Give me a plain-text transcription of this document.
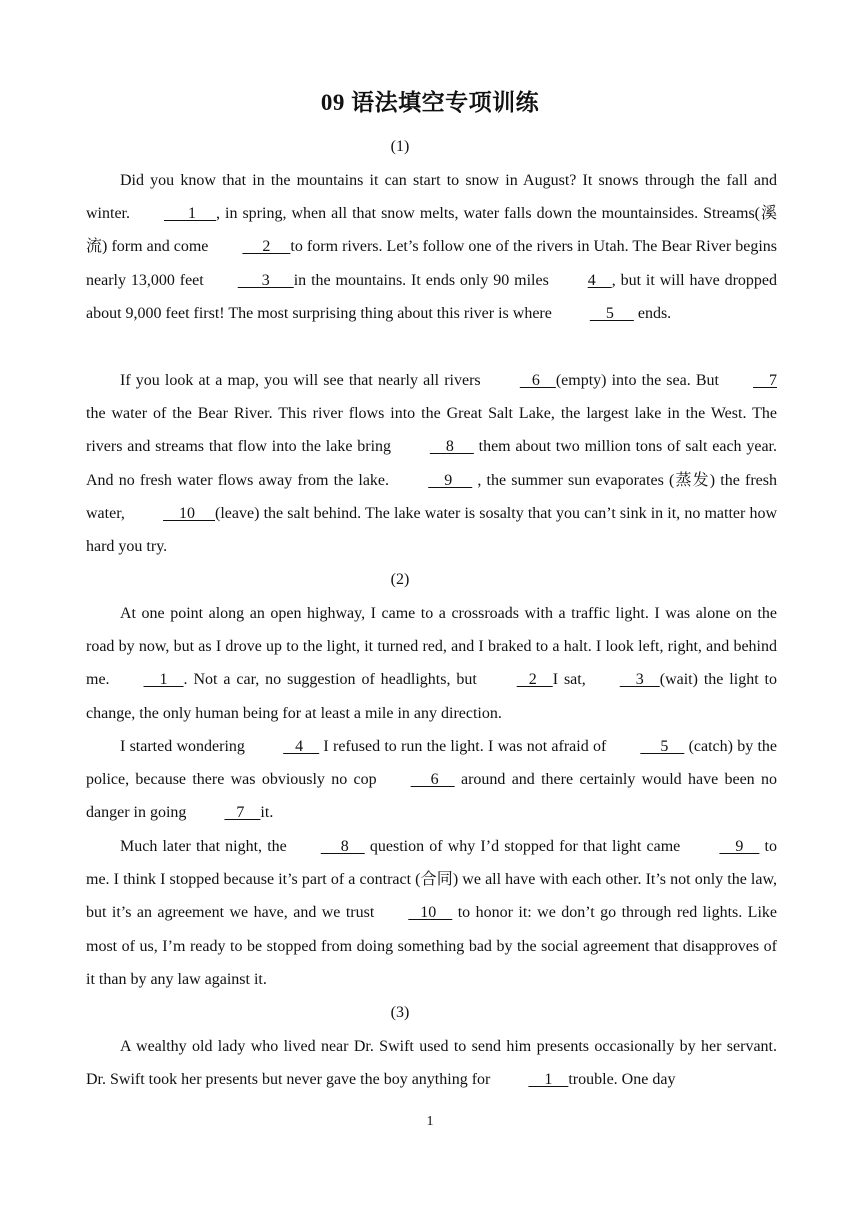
09 语法填空专项训练
(1)

Did you know that in the mountains it can start to snow in August? It snows through the fall and winter.      1     , in spring, when all that snow melts, water falls down the mountainsides. Streams(溪流) form and come     2     to form rivers. Let’s follow one of the rivers in Utah. The Bear River begins nearly 13,000 feet      3      in the mountains. It ends only 90 miles 4    , but it will have dropped about 9,000 feet first! The most surprising thing about this river is where     5      ends.

If you look at a map, you will see that nearly all rivers    6    (empty) into the sea. But    7 the water of the Bear River. This river flows into the Great Salt Lake, the largest lake in the West. The rivers and streams that flow into the lake bring     8      them about two million tons of salt each year. And no fresh water flows away from the lake.     9      , the summer sun evaporates (蒸发) the fresh water,     10     (leave) the salt behind. The lake water is sosalty that you can’t sink in it, no matter how hard you try.

(2)

At one point along an open highway, I came to a crossroads with a traffic light. I was alone on the road by now, but as I drove up to the light, it turned red, and I braked to a halt. I look left, right, and behind me.    1    . Not a car, no suggestion of headlights, but    2    I sat,    3    (wait) the light to change, the only human being for at least a mile in any direction.

I started wondering    4     I refused to run the light. I was not afraid of     5     (catch) by the police, because there was obviously no cop     6     around and there certainly would have been no danger in going    7    it.

Much later that night, the     8     question of why I’d stopped for that light came     9     to me. I think I stopped because it’s part of a contract (合同) we all have with each other. It’s not only the law, but it’s an agreement we have, and we trust   10     to honor it: we don’t go through red lights. Like most of us, I’m ready to be stopped from doing something bad by the social agreement that disapproves of it than by any law against it.

(3)

A wealthy old lady who lived near Dr. Swift used to send him presents occasionally by her servant. Dr. Swift took her presents but never gave the boy anything for     1    trouble. One day

1
